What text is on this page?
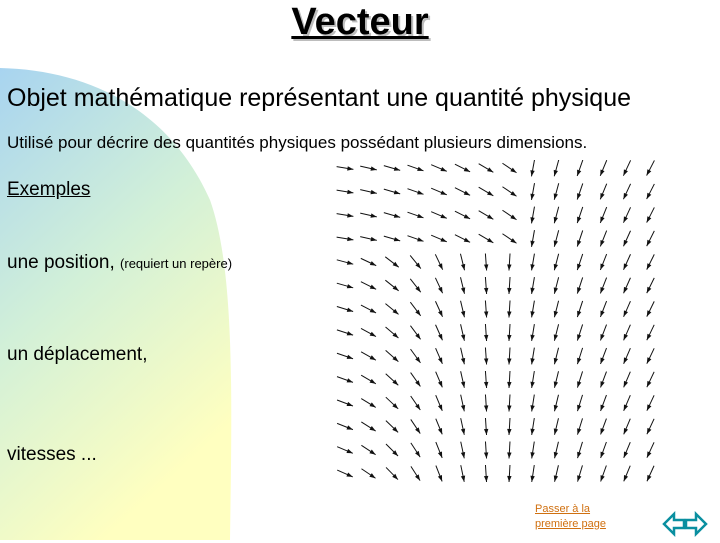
Vecteur
Objet mathématique représentant une quantité physique
Utilisé pour décrire des quantités physiques possédant plusieurs dimensions.
Exemples
une position, (requiert un repère)
un déplacement,
vitesses ...
Passer à la
première page
